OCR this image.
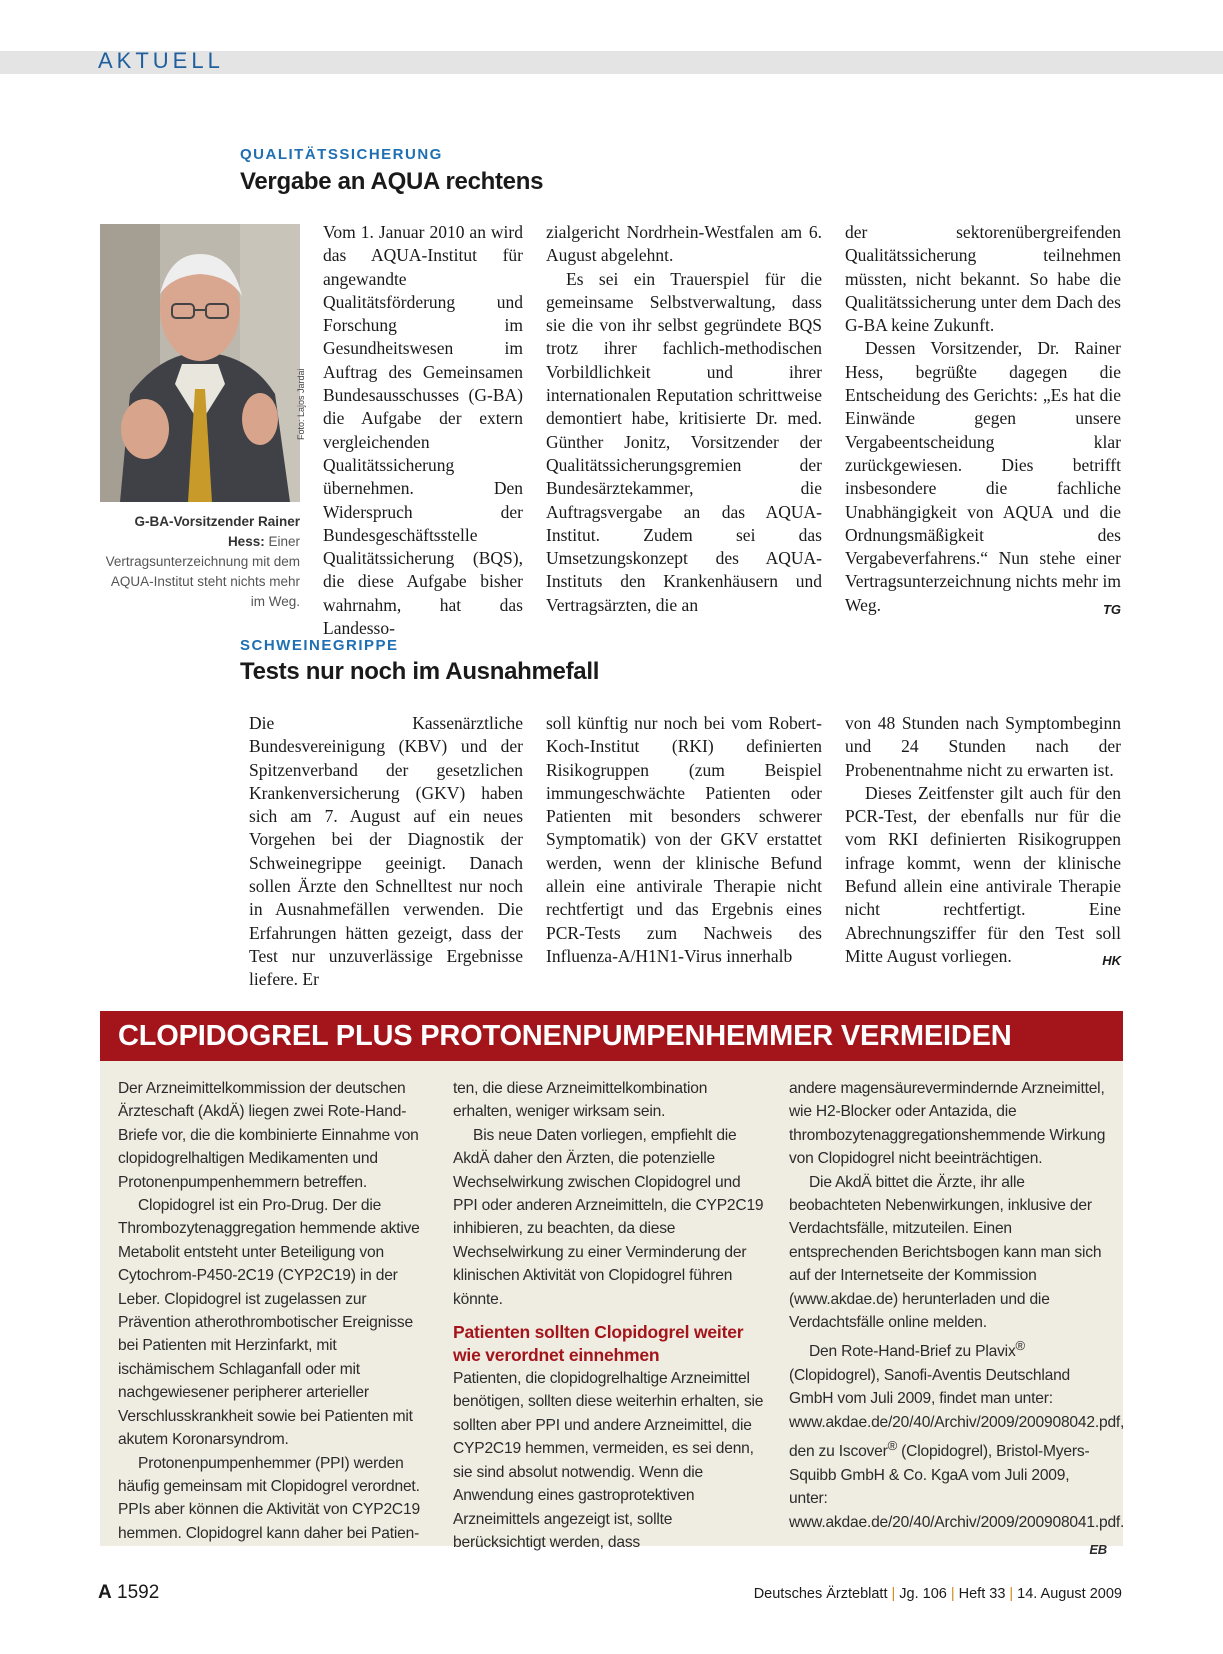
AKTUELL
QUALITÄTSSICHERUNG
Vergabe an AQUA rechtens
Foto: Lajos Jardai
G-BA-Vorsitzender Rainer Hess: Einer Vertragsunterzeichnung mit dem AQUA-Institut steht nichts mehr im Weg.

Vom 1. Januar 2010 an wird das AQUA-Institut für angewandte Qualitätsförderung und Forschung im Gesundheitswesen im Auftrag des Gemeinsamen Bundesausschusses (G-BA) die Aufgabe der extern vergleichenden Qualitätssicherung übernehmen. Den Widerspruch der Bundesgeschäftsstelle Qualitätssicherung (BQS), die diese Aufgabe bisher wahrnahm, hat das Landesso-

zialgericht Nordrhein-Westfalen am 6. August abgelehnt.

Es sei ein Trauerspiel für die gemeinsame Selbstverwaltung, dass sie die von ihr selbst gegründete BQS trotz ihrer fachlich-methodischen Vorbildlichkeit und ihrer internationalen Reputation schrittweise demontiert habe, kritisierte Dr. med. Günther Jonitz, Vorsitzender der Qualitätssicherungsgremien der Bundesärztekammer, die Auftragsvergabe an das AQUA-Institut. Zudem sei das Umsetzungskonzept des AQUA-Instituts den Krankenhäusern und Vertragsärzten, die an

der sektorenübergreifenden Qualitätssicherung teilnehmen müssten, nicht bekannt. So habe die Qualitätssicherung unter dem Dach des G-BA keine Zukunft.

Dessen Vorsitzender, Dr. Rainer Hess, begrüßte dagegen die Entscheidung des Gerichts: „Es hat die Einwände gegen unsere Vergabeentscheidung klar zurückgewiesen. Dies betrifft insbesondere die fachliche Unabhängigkeit von AQUA und die Ordnungsmäßigkeit des Vergabeverfahrens.“ Nun stehe einer Vertragsunterzeichnung nichts mehr im Weg.	TG

SCHWEINEGRIPPE
Tests nur noch im Ausnahmefall

Die Kassenärztliche Bundesvereinigung (KBV) und der Spitzenverband der gesetzlichen Krankenversicherung (GKV) haben sich am 7. August auf ein neues Vorgehen bei der Diagnostik der Schweinegrippe geeinigt. Danach sollen Ärzte den Schnelltest nur noch in Ausnahmefällen verwenden. Die Erfahrungen hätten gezeigt, dass der Test nur unzuverlässige Ergebnisse liefere. Er

soll künftig nur noch bei vom Robert-Koch-Institut (RKI) definierten Risikogruppen (zum Beispiel immungeschwächte Patienten oder Patienten mit besonders schwerer Symptomatik) von der GKV erstattet werden, wenn der klinische Befund allein eine antivirale Therapie nicht rechtfertigt und das Ergebnis eines PCR-Tests zum Nachweis des Influenza-A/H1N1-Virus innerhalb

von 48 Stunden nach Symptombeginn und 24 Stunden nach der Probenentnahme nicht zu erwarten ist.

Dieses Zeitfenster gilt auch für den PCR-Test, der ebenfalls nur für die vom RKI definierten Risikogruppen infrage kommt, wenn der klinische Befund allein eine antivirale Therapie nicht rechtfertigt. Eine Abrechnungsziffer für den Test soll Mitte August vorliegen.	HK

CLOPIDOGREL PLUS PROTONENPUMPENHEMMER VERMEIDEN

Der Arzneimittelkommission der deutschen Ärzteschaft (AkdÄ) liegen zwei Rote-Hand-Briefe vor, die die kombinierte Einnahme von clopidogrelhaltigen Medikamenten und Protonenpumpenhemmern betreffen.

Clopidogrel ist ein Pro-Drug. Der die Thrombozytenaggregation hemmende aktive Metabolit entsteht unter Beteiligung von Cytochrom-P450-2C19 (CYP2C19) in der Leber. Clopidogrel ist zugelassen zur Prävention atherothrombotischer Ereignisse bei Patienten mit Herzinfarkt, mit ischämischem Schlaganfall oder mit nachgewiesener peripherer arterieller Verschlusskrankheit sowie bei Patienten mit akutem Koronarsyndrom.

Protonenpumpenhemmer (PPI) werden häufig gemeinsam mit Clopidogrel verordnet. PPIs aber können die Aktivität von CYP2C19 hemmen. Clopidogrel kann daher bei Patien-

ten, die diese Arzneimittelkombination erhalten, weniger wirksam sein.

Bis neue Daten vorliegen, empfiehlt die AkdÄ daher den Ärzten, die potenzielle Wechselwirkung zwischen Clopidogrel und PPI oder anderen Arzneimitteln, die CYP2C19 inhibieren, zu beachten, da diese Wechselwirkung zu einer Verminderung der klinischen Aktivität von Clopidogrel führen könnte.

Patienten sollten Clopidogrel weiter wie verordnet einnehmen

Patienten, die clopidogrelhaltige Arzneimittel benötigen, sollten diese weiterhin erhalten, sie sollten aber PPI und andere Arzneimittel, die CYP2C19 hemmen, vermeiden, es sei denn, sie sind absolut notwendig. Wenn die Anwendung eines gastroprotektiven Arzneimittels angezeigt ist, sollte berücksichtigt werden, dass

andere magensäurevermindernde Arzneimittel, wie H2-Blocker oder Antazida, die thrombozytenaggregationshemmende Wirkung von Clopidogrel nicht beeinträchtigen.

Die AkdÄ bittet die Ärzte, ihr alle beobachteten Nebenwirkungen, inklusive der Verdachtsfälle, mitzuteilen. Einen entsprechenden Berichtsbogen kann man sich auf der Internetseite der Kommission (www.akdae.de) herunterladen und die Verdachtsfälle online melden.

Den Rote-Hand-Brief zu Plavix® (Clopidogrel), Sanofi-Aventis Deutschland GmbH vom Juli 2009, findet man unter: www.akdae.de/20/40/Archiv/2009/200908042.pdf, den zu Iscover® (Clopidogrel), Bristol-Myers-Squibb GmbH & Co. KgaA vom Juli 2009, unter: www.akdae.de/20/40/Archiv/2009/200908041.pdf.
EB

A 1592	Deutsches Ärzteblatt | Jg. 106 | Heft 33 | 14. August 2009
